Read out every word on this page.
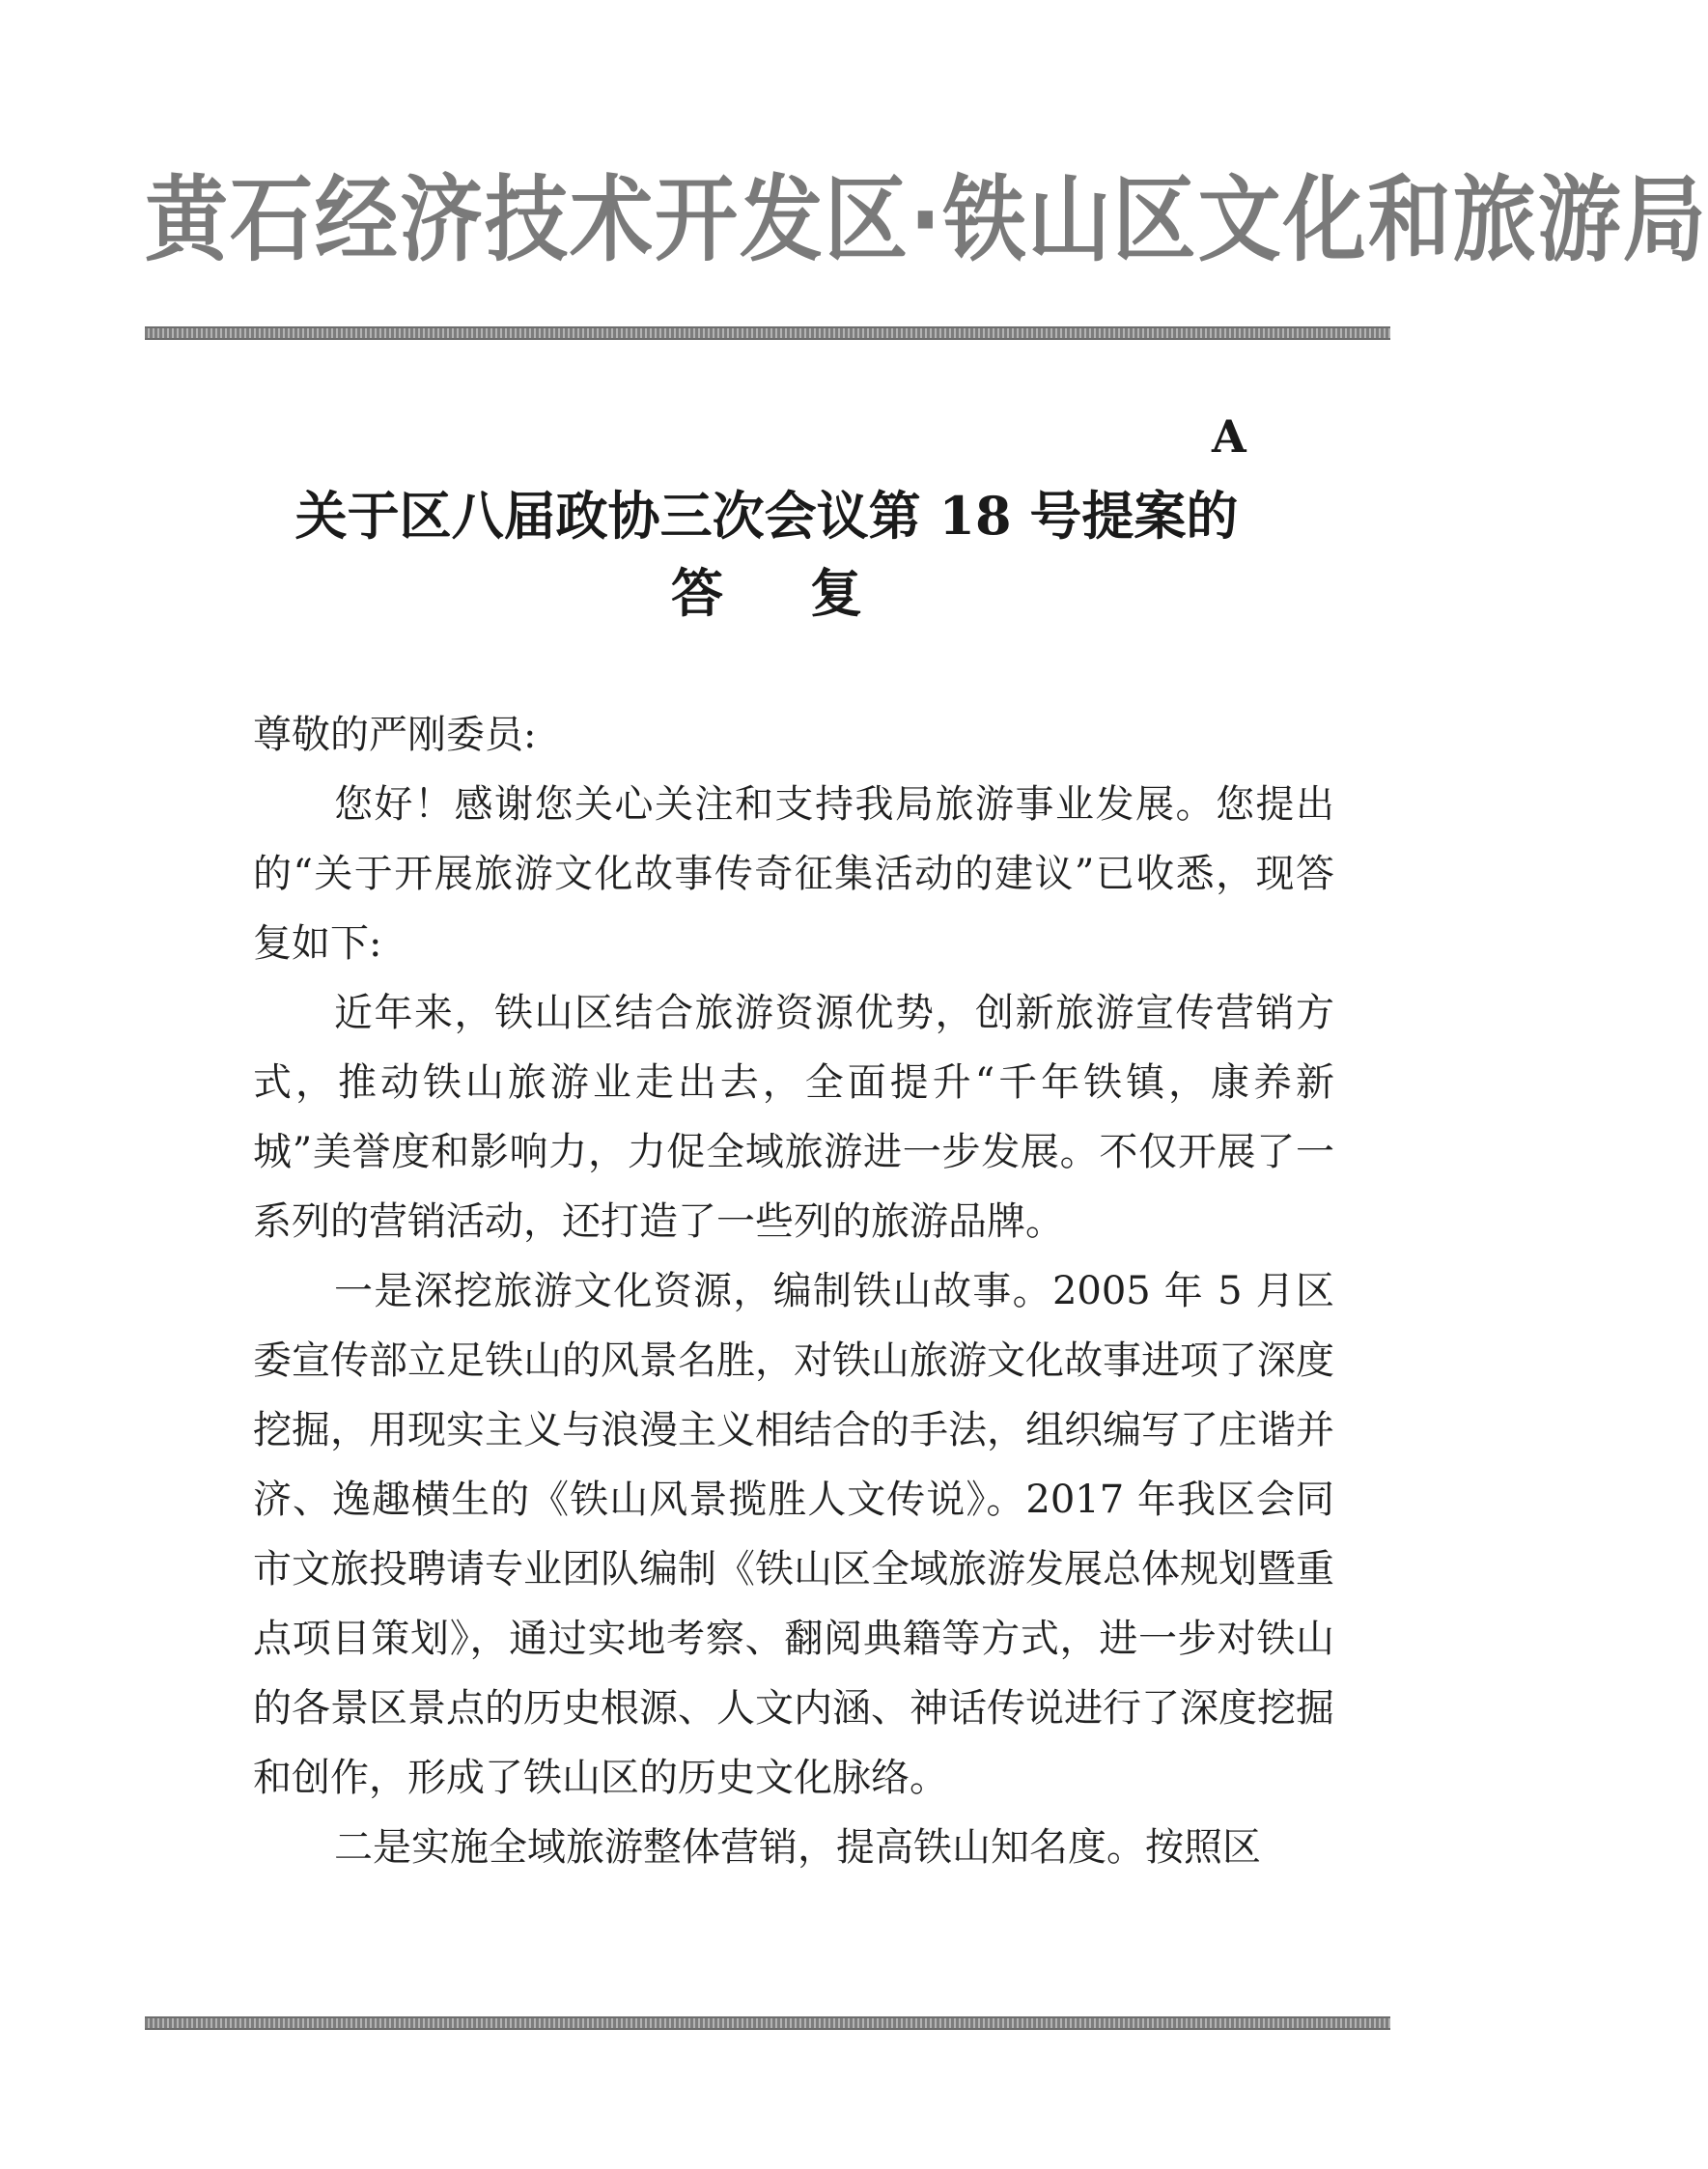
黄石经济技术开发区·铁山区文化和旅游局
A
关于区八届政协三次会议第 18 号提案的
答复

尊敬的严刚委员:

您好！感谢您关心关注和支持我局旅游事业发展。您提出的“关于开展旅游文化故事传奇征集活动的建议”已收悉，现答复如下:

近年来，铁山区结合旅游资源优势，创新旅游宣传营销方式，推动铁山旅游业走出去，全面提升“千年铁镇，康养新城”美誉度和影响力，力促全域旅游进一步发展。不仅开展了一系列的营销活动，还打造了一些列的旅游品牌。

一是深挖旅游文化资源，编制铁山故事。2005 年 5 月区委宣传部立足铁山的风景名胜，对铁山旅游文化故事进项了深度挖掘，用现实主义与浪漫主义相结合的手法，组织编写了庄谐并济、逸趣横生的《铁山风景揽胜人文传说》。2017 年我区会同市文旅投聘请专业团队编制《铁山区全域旅游发展总体规划暨重点项目策划》，通过实地考察、翻阅典籍等方式，进一步对铁山的各景区景点的历史根源、人文内涵、神话传说进行了深度挖掘和创作，形成了铁山区的历史文化脉络。

二是实施全域旅游整体营销，提高铁山知名度。按照区
